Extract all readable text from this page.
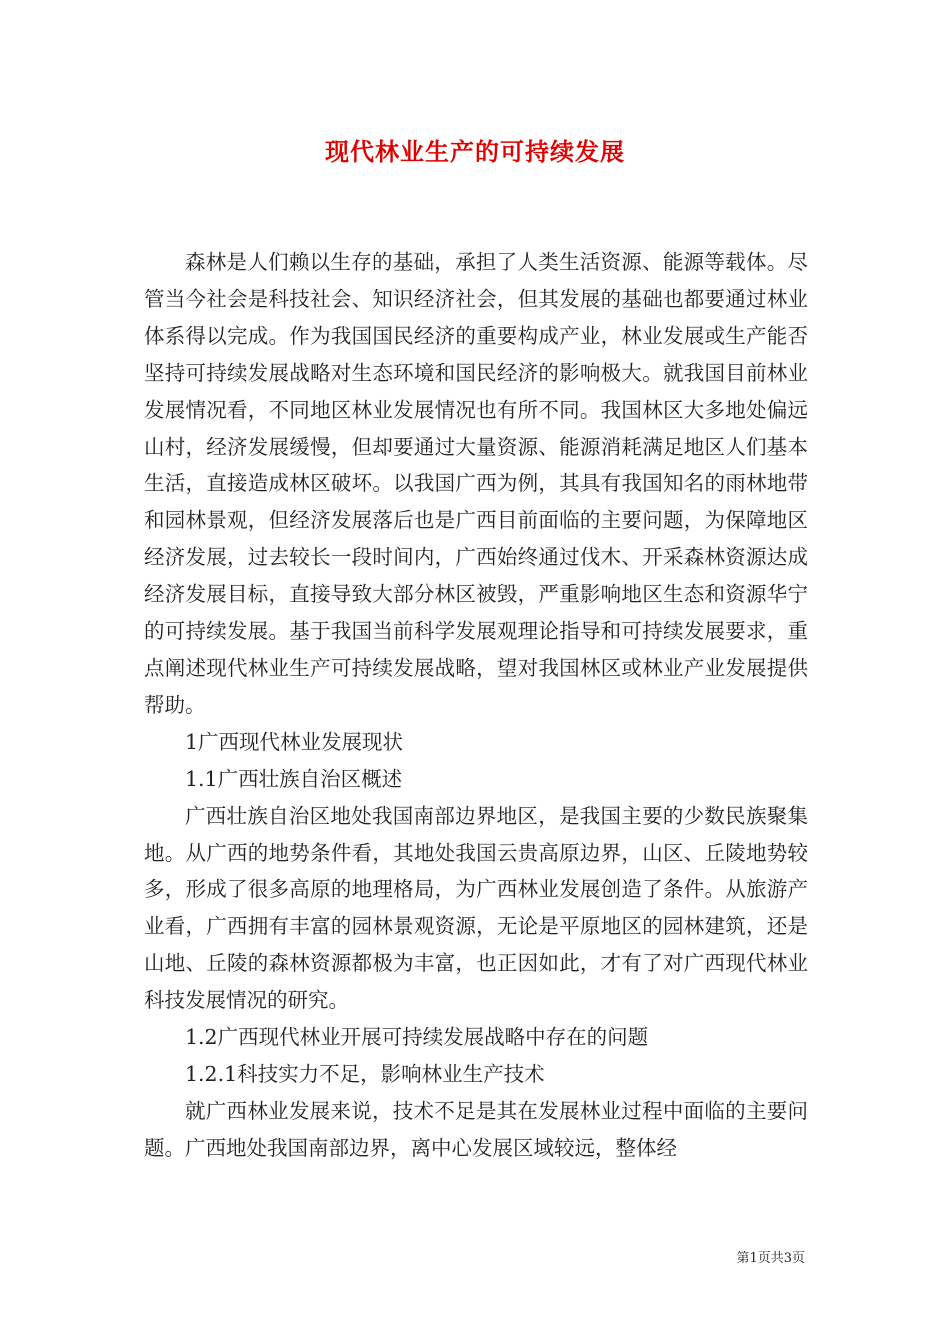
现代林业生产的可持续发展

森林是人们赖以生存的基础，承担了人类生活资源、能源等载体。尽管当今社会是科技社会、知识经济社会，但其发展的基础也都要通过林业体系得以完成。作为我国国民经济的重要构成产业，林业发展或生产能否坚持可持续发展战略对生态环境和国民经济的影响极大。就我国目前林业发展情况看，不同地区林业发展情况也有所不同。我国林区大多地处偏远山村，经济发展缓慢，但却要通过大量资源、能源消耗满足地区人们基本生活，直接造成林区破坏。以我国广西为例，其具有我国知名的雨林地带和园林景观，但经济发展落后也是广西目前面临的主要问题，为保障地区经济发展，过去较长一段时间内，广西始终通过伐木、开采森林资源达成经济发展目标，直接导致大部分林区被毁，严重影响地区生态和资源华宁的可持续发展。基于我国当前科学发展观理论指导和可持续发展要求，重点阐述现代林业生产可持续发展战略，望对我国林区或林业产业发展提供帮助。

1广西现代林业发展现状

1.1广西壮族自治区概述

广西壮族自治区地处我国南部边界地区，是我国主要的少数民族聚集地。从广西的地势条件看，其地处我国云贵高原边界，山区、丘陵地势较多，形成了很多高原的地理格局，为广西林业发展创造了条件。从旅游产业看，广西拥有丰富的园林景观资源，无论是平原地区的园林建筑，还是山地、丘陵的森林资源都极为丰富，也正因如此，才有了对广西现代林业科技发展情况的研究。

1.2广西现代林业开展可持续发展战略中存在的问题

1.2.1科技实力不足，影响林业生产技术

就广西林业发展来说，技术不足是其在发展林业过程中面临的主要问题。广西地处我国南部边界，离中心发展区域较远，整体经

第1页共3页
